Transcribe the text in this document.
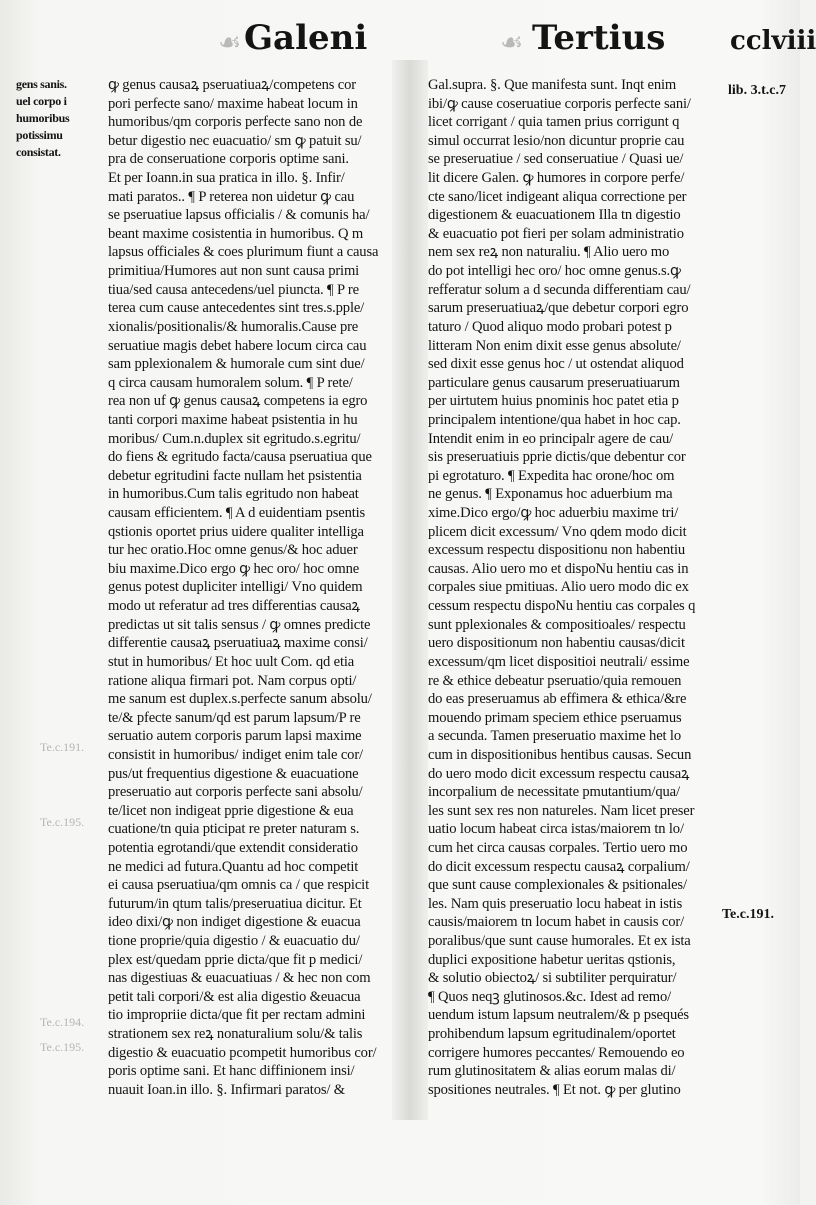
☙	☙
Galeni	Tertius cclviii
gens sanis.
uel corpo i
humoribus
potissimu
consistat.
ꝙ genus causaꝝ pseruatiuaꝝ/competens cor
pori perfecte sano/ maxime habeat locum in
humoribus/qm corporis perfecte sano non de
betur digestio nec euacuatio/ sm ꝙ patuit su/
pra de conseruatione corporis optime sani.
Et per Ioann.in sua pratica in illo. §. Infir/
mati paratos.. ¶ P reterea non uidetur ꝙ cau
se pseruatiue lapsus officialis / & comunis ha/
beant maxime cosistentia in humoribus. Q m
lapsus officiales & coes plurimum fiunt a causa
primitiua/Humores aut non sunt causa primi
tiua/sed causa antecedens/uel piuncta. ¶ P re
terea cum cause antecedentes sint tres.s.pple/
xionalis/positionalis/& humoralis.Cause pre
seruatiue magis debet habere locum circa cau
sam pplexionalem & humorale cum sint due/
q circa causam humoralem solum. ¶ P rete/
rea non uf ꝙ genus causaꝝ competens ia egro
tanti corpori maxime habeat psistentia in hu
moribus/ Cum.n.duplex sit egritudo.s.egritu/
do fiens & egritudo facta/causa pseruatiua que
debetur egritudini facte nullam het psistentia
in humoribus.Cum talis egritudo non habeat
causam efficientem. ¶ A d euidentiam psentis
qstionis oportet prius uidere qualiter intelliga
tur hec oratio.Hoc omne genus/& hoc aduer
biu maxime.Dico ergo ꝙ hec oro/ hoc omne
genus potest dupliciter intelligi/ Vno quidem
modo ut referatur ad tres differentias causaꝝ
predictas ut sit talis sensus / ꝙ omnes predicte
differentie causaꝝ pseruatiuaꝝ maxime consi/
stut in humoribus/ Et hoc uult Com. qd etia
ratione aliqua firmari pot. Nam corpus opti/
me sanum est duplex.s.perfecte sanum absolu/
te/& pfecte sanum/qd est parum lapsum/P re
seruatio autem corporis parum lapsi maxime
consistit in humoribus/ indiget enim tale cor/
pus/ut frequentius digestione & euacuatione
preseruatio aut corporis perfecte sani absolu/
te/licet non indigeat pprie digestione & eua
cuatione/tn quia pticipat re preter naturam s.
potentia egrotandi/que extendit consideratio
ne medici ad futura.Quantu ad hoc competit
ei causa pseruatiua/qm omnis ca / que respicit
futurum/in qtum talis/preseruatiua dicitur. Et
ideo dixi/ꝙ non indiget digestione & euacua
tione proprie/quia digestio / & euacuatio du/
plex est/quedam pprie dicta/que fit p medici/
nas digestiuas & euacuatiuas / & hec non com
petit tali corpori/& est alia digestio &euacua
tio impropriie dicta/que fit per rectam admini
strationem sex reꝝ nonaturalium solu/& talis
digestio & euacuatio pcompetit humoribus cor/
poris optime sani. Et hanc diffinionem insi/
nuauit Ioan.in illo. §. Infirmari paratos/ &
Gal.supra. §. Que manifesta sunt. Inqt enim
ibi/ꝙ cause coseruatiue corporis perfecte sani/
licet corrigant / quia tamen prius corrigunt q
simul occurrat lesio/non dicuntur proprie cau
se preseruatiue / sed conseruatiue / Quasi ue/
lit dicere Galen. ꝙ humores in corpore perfe/
cte sano/licet indigeant aliqua correctione per
digestionem & euacuationem Illa tn digestio
& euacuatio pot fieri per solam administratio
nem sex reꝝ non naturaliu. ¶ Alio uero mo
do pot intelligi hec oro/ hoc omne genus.s.ꝙ
refferatur solum a d secunda differentiam cau/
sarum preseruatiuaꝝ/que debetur corpori egro
taturo / Quod aliquo modo probari potest p
litteram Non enim dixit esse genus absolute/
sed dixit esse genus hoc / ut ostendat aliquod
particulare genus causarum preseruatiuarum
per uirtutem huius pnominis hoc patet etia p
principalem intentione/qua habet in hoc cap.
Intendit enim in eo principalr agere de cau/
sis preseruatiuis pprie dictis/que debentur cor
pi egrotaturo. ¶ Expedita hac orone/hoc om
ne genus. ¶ Exponamus hoc aduerbium ma
xime.Dico ergo/ꝙ hoc aduerbiu maxime tri/
plicem dicit excessum/ Vno qdem modo dicit
excessum respectu dispositionu non habentiu
causas. Alio uero mo et dispoNu hentiu cas in
corpales siue pmitiuas. Alio uero modo dic ex
cessum respectu dispoNu hentiu cas corpales q
sunt pplexionales & compositioales/ respectu
uero dispositionum non habentiu causas/dicit
excessum/qm licet dispositioi neutrali/ essime
re & ethice debeatur pseruatio/quia remouen
do eas preseruamus ab effimera & ethica/&re
mouendo primam speciem ethice pseruamus
a secunda. Tamen preseruatio maxime het lo
cum in dispositionibus hentibus causas. Secun
do uero modo dicit excessum respectu causaꝝ
incorpalium de necessitate pmutantium/qua/
les sunt sex res non natureles. Nam licet preser
uatio locum habeat circa istas/maiorem tn lo/
cum het circa causas corpales. Tertio uero mo
do dicit excessum respectu causaꝝ corpalium/
que sunt cause complexionales & psitionales/
les. Nam quis preseruatio locu habeat in istis
causis/maiorem tn locum habet in causis cor/
poralibus/que sunt cause humorales. Et ex ista
duplici expositione habetur ueritas qstionis,
& solutio obiectoꝝ/ si subtiliter perquiratur/
¶ Quos neqꝫ glutinosos.&c. Idest ad remo/
uendum istum lapsum neutralem/& p psequés
prohibendum lapsum egritudinalem/oportet
corrigere humores peccantes/ Remouendo eo
rum glutinositatem & alias eorum malas di/
spositiones neutrales. ¶ Et not. ꝙ per glutino
lib. 3.t.c.7
Te.c.191.
Te.c.191.
Te.c.195.
Te.c.194.
Te.c.195.
